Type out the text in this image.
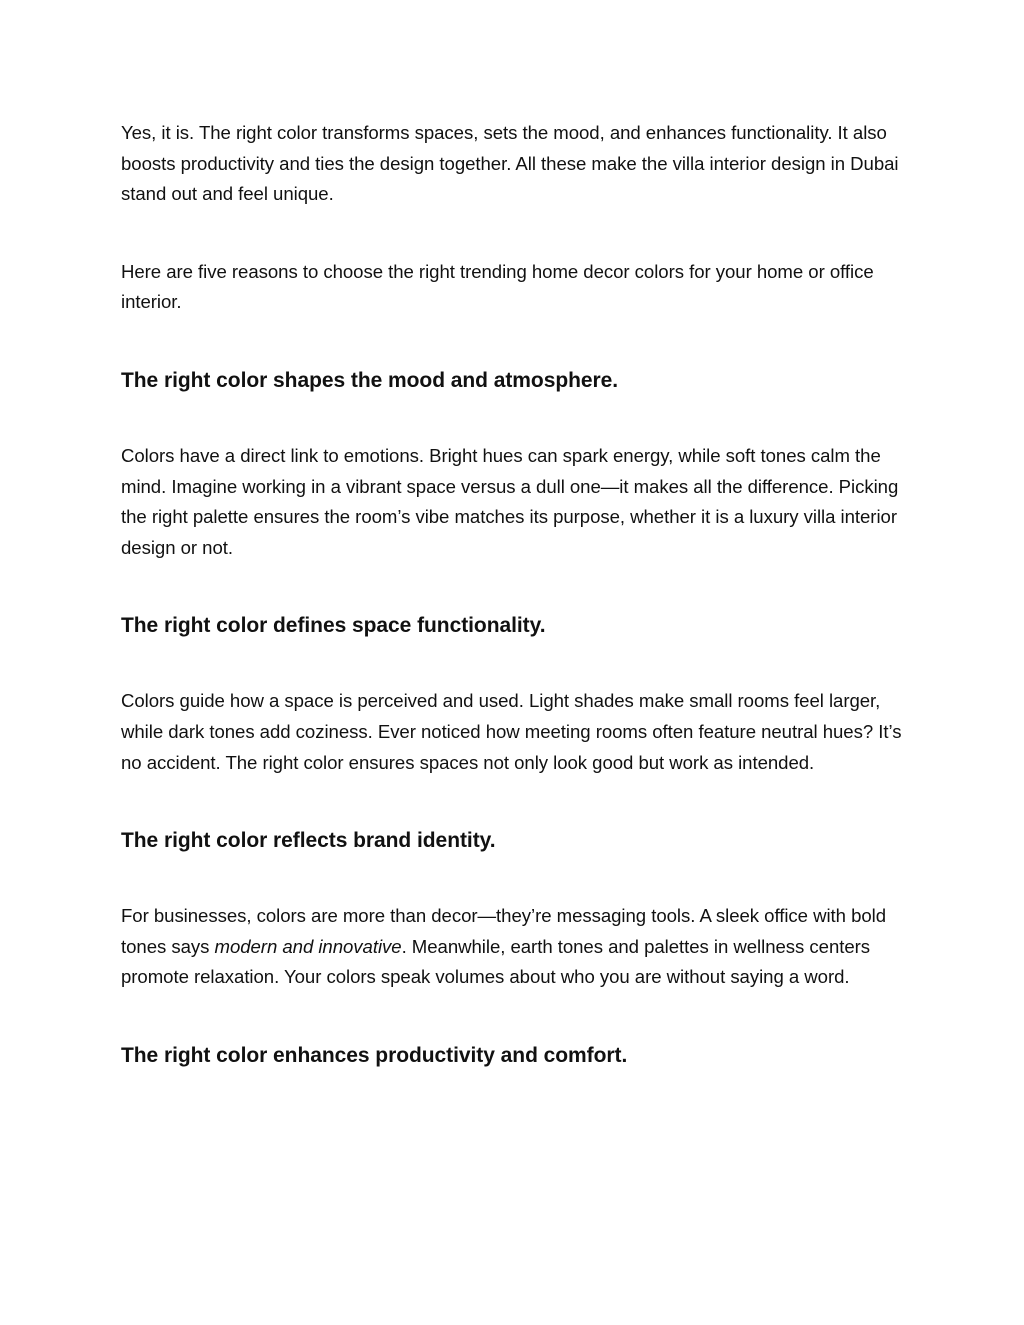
Yes, it is. The right color transforms spaces, sets the mood, and enhances functionality. It also boosts productivity and ties the design together. All these make the villa interior design in Dubai stand out and feel unique.

Here are five reasons to choose the right trending home decor colors for your home or office interior.

The right color shapes the mood and atmosphere.

Colors have a direct link to emotions. Bright hues can spark energy, while soft tones calm the mind. Imagine working in a vibrant space versus a dull one—it makes all the difference. Picking the right palette ensures the room’s vibe matches its purpose, whether it is a luxury villa interior design or not.

The right color defines space functionality.

Colors guide how a space is perceived and used. Light shades make small rooms feel larger, while dark tones add coziness. Ever noticed how meeting rooms often feature neutral hues? It’s no accident. The right color ensures spaces not only look good but work as intended.

The right color reflects brand identity.

For businesses, colors are more than decor—they’re messaging tools. A sleek office with bold tones says modern and innovative. Meanwhile, earth tones and palettes in wellness centers promote relaxation. Your colors speak volumes about who you are without saying a word.

The right color enhances productivity and comfort.
